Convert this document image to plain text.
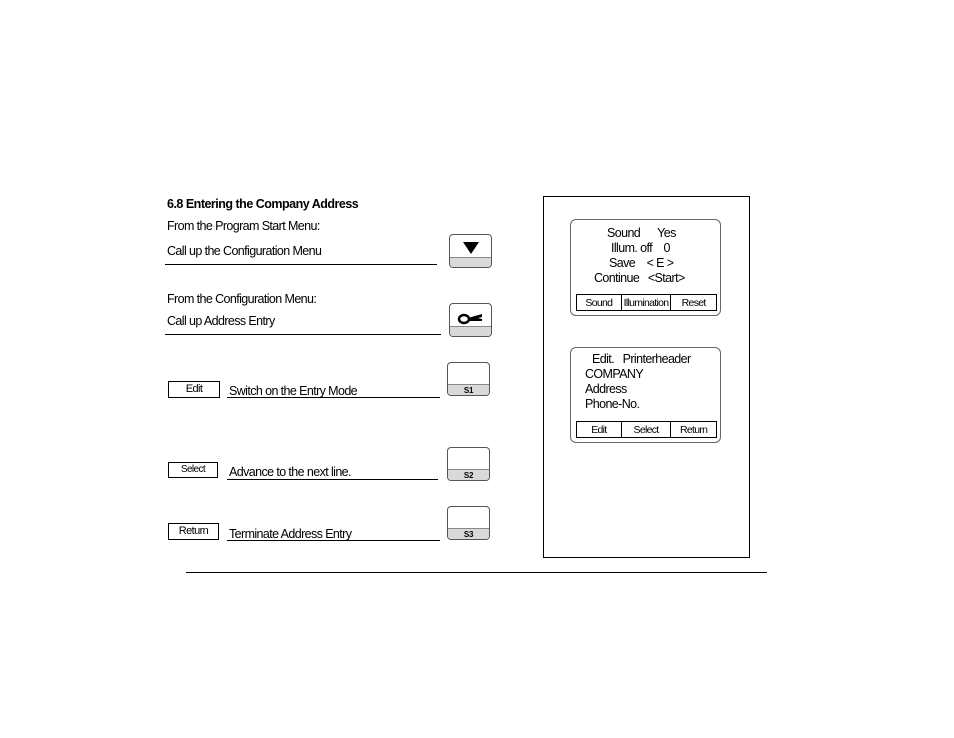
6.8 Entering the Company Address
From the Program Start Menu:
Call up the Configuration Menu
From the Configuration Menu:
Call up Address Entry
Edit	Switch on the Entry Mode	S1
Select	Advance to the next line.	S2
Return	Terminate Address Entry	S3
Sound      Yes
Illum. off    0
Save    < E >
Continue   <Start>
Sound	Illumination	Reset
Edit.   Printerheader
COMPANY
Address
Phone-No.
Edit	Select	Return
